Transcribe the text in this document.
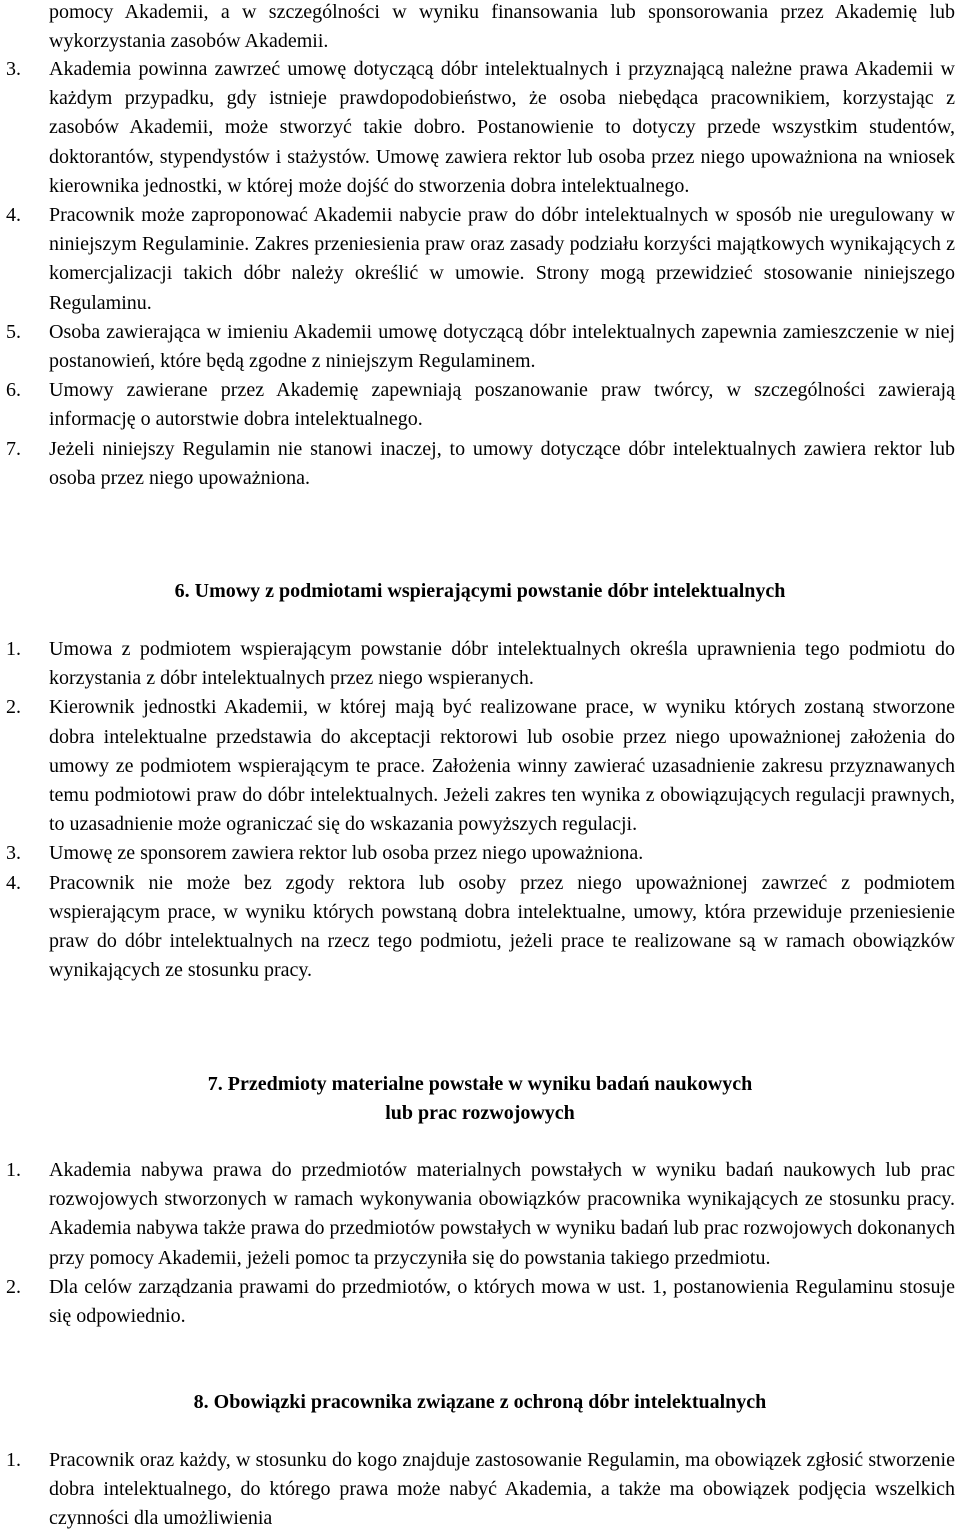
pomocy Akademii, a w szczególności w wyniku finansowania lub sponsorowania przez Akademię lub wykorzystania zasobów Akademii.
3. Akademia powinna zawrzeć umowę dotyczącą dóbr intelektualnych i przyznającą należne prawa Akademii w każdym przypadku, gdy istnieje prawdopodobieństwo, że osoba niebędąca pracownikiem, korzystając z zasobów Akademii, może stworzyć takie dobro. Postanowienie to dotyczy przede wszystkim studentów, doktorantów, stypendystów i stażystów. Umowę zawiera rektor lub osoba przez niego upoważniona na wniosek kierownika jednostki, w której może dojść do stworzenia dobra intelektualnego.
4. Pracownik może zaproponować Akademii nabycie praw do dóbr intelektualnych w sposób nie uregulowany w niniejszym Regulaminie. Zakres przeniesienia praw oraz zasady podziału korzyści majątkowych wynikających z komercjalizacji takich dóbr należy określić w umowie. Strony mogą przewidzieć stosowanie niniejszego Regulaminu.
5. Osoba zawierająca w imieniu Akademii umowę dotyczącą dóbr intelektualnych zapewnia zamieszczenie w niej postanowień, które będą zgodne z niniejszym Regulaminem.
6. Umowy zawierane przez Akademię zapewniają poszanowanie praw twórcy, w szczególności zawierają informację o autorstwie dobra intelektualnego.
7. Jeżeli niniejszy Regulamin nie stanowi inaczej, to umowy dotyczące dóbr intelektualnych zawiera rektor lub osoba przez niego upoważniona.
6. Umowy z podmiotami wspierającymi powstanie dóbr intelektualnych
1. Umowa z podmiotem wspierającym powstanie dóbr intelektualnych określa uprawnienia tego podmiotu do korzystania z dóbr intelektualnych przez niego wspieranych.
2. Kierownik jednostki Akademii, w której mają być realizowane prace, w wyniku których zostaną stworzone dobra intelektualne przedstawia do akceptacji rektorowi lub osobie przez niego upoważnionej założenia do umowy ze podmiotem wspierającym te prace. Założenia winny zawierać uzasadnienie zakresu przyznawanych temu podmiotowi praw do dóbr intelektualnych. Jeżeli zakres ten wynika z obowiązujących regulacji prawnych, to uzasadnienie może ograniczać się do wskazania powyższych regulacji.
3. Umowę ze sponsorem zawiera rektor lub osoba przez niego upoważniona.
4. Pracownik nie może bez zgody rektora lub osoby przez niego upoważnionej zawrzeć z podmiotem wspierającym prace, w wyniku których powstaną dobra intelektualne, umowy, która przewiduje przeniesienie praw do dóbr intelektualnych na rzecz tego podmiotu, jeżeli prace te realizowane są w ramach obowiązków wynikających ze stosunku pracy.
7. Przedmioty materialne powstałe w wyniku badań naukowych
lub prac rozwojowych
1. Akademia nabywa prawa do przedmiotów materialnych powstałych w wyniku badań naukowych lub prac rozwojowych stworzonych w ramach wykonywania obowiązków pracownika wynikających ze stosunku pracy. Akademia nabywa także prawa do przedmiotów powstałych w wyniku badań lub prac rozwojowych dokonanych przy pomocy Akademii, jeżeli pomoc ta przyczyniła się do powstania takiego przedmiotu.
2. Dla celów zarządzania prawami do przedmiotów, o których mowa w ust. 1, postanowienia Regulaminu stosuje się odpowiednio.
8. Obowiązki pracownika związane z ochroną dóbr intelektualnych
1. Pracownik oraz każdy, w stosunku do kogo znajduje zastosowanie Regulamin, ma obowiązek zgłosić stworzenie dobra intelektualnego, do którego prawa może nabyć Akademia, a także ma obowiązek podjęcia wszelkich czynności dla umożliwienia
